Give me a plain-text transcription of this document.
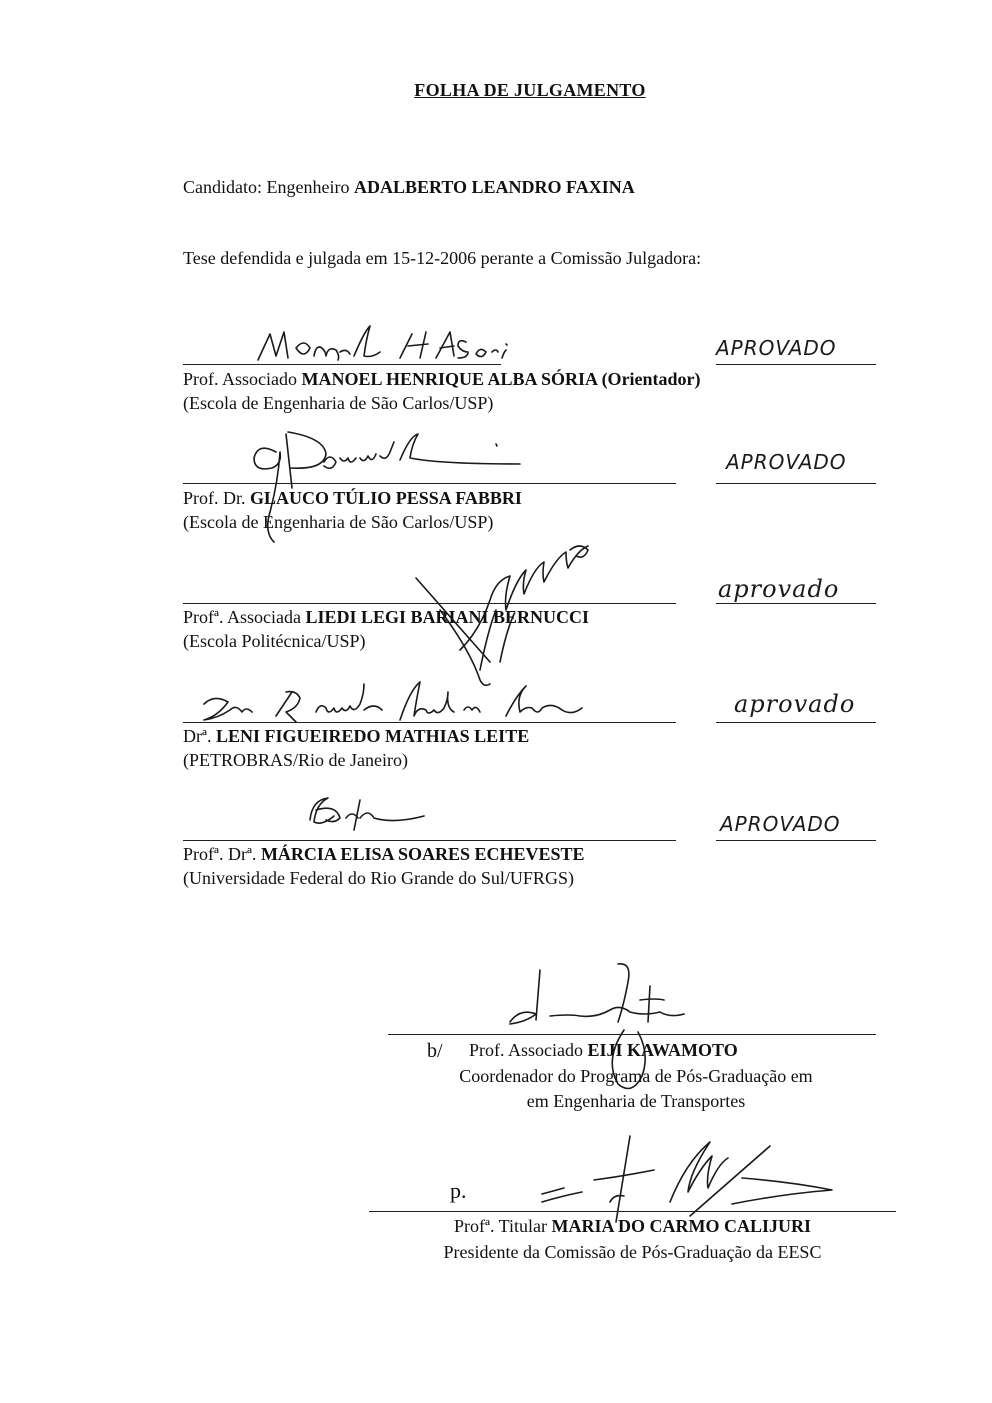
FOLHA DE JULGAMENTO
Candidato: Engenheiro ADALBERTO LEANDRO FAXINA
Tese defendida e julgada em 15-12-2006 perante a Comissão Julgadora:
APROVADO
Prof. Associado MANOEL HENRIQUE ALBA SÓRIA (Orientador)
(Escola de Engenharia de São Carlos/USP)
APROVADO
Prof. Dr. GLAUCO TÚLIO PESSA FABBRI
(Escola de Engenharia de São Carlos/USP)
aprovado
Profª. Associada LIEDI LEGI BARIANI BERNUCCI
(Escola Politécnica/USP)
aprovado
Drª. LENI FIGUEIREDO MATHIAS LEITE
(PETROBRAS/Rio de Janeiro)
APROVADO
Profª. Drª. MÁRCIA ELISA SOARES ECHEVESTE
(Universidade Federal do Rio Grande do Sul/UFRGS)
b/ Prof. Associado EIJI KAWAMOTO
Coordenador do Programa de Pós-Graduação em
em Engenharia de Transportes
p.
Profª. Titular MARIA DO CARMO CALIJURI
Presidente da Comissão de Pós-Graduação da EESC
